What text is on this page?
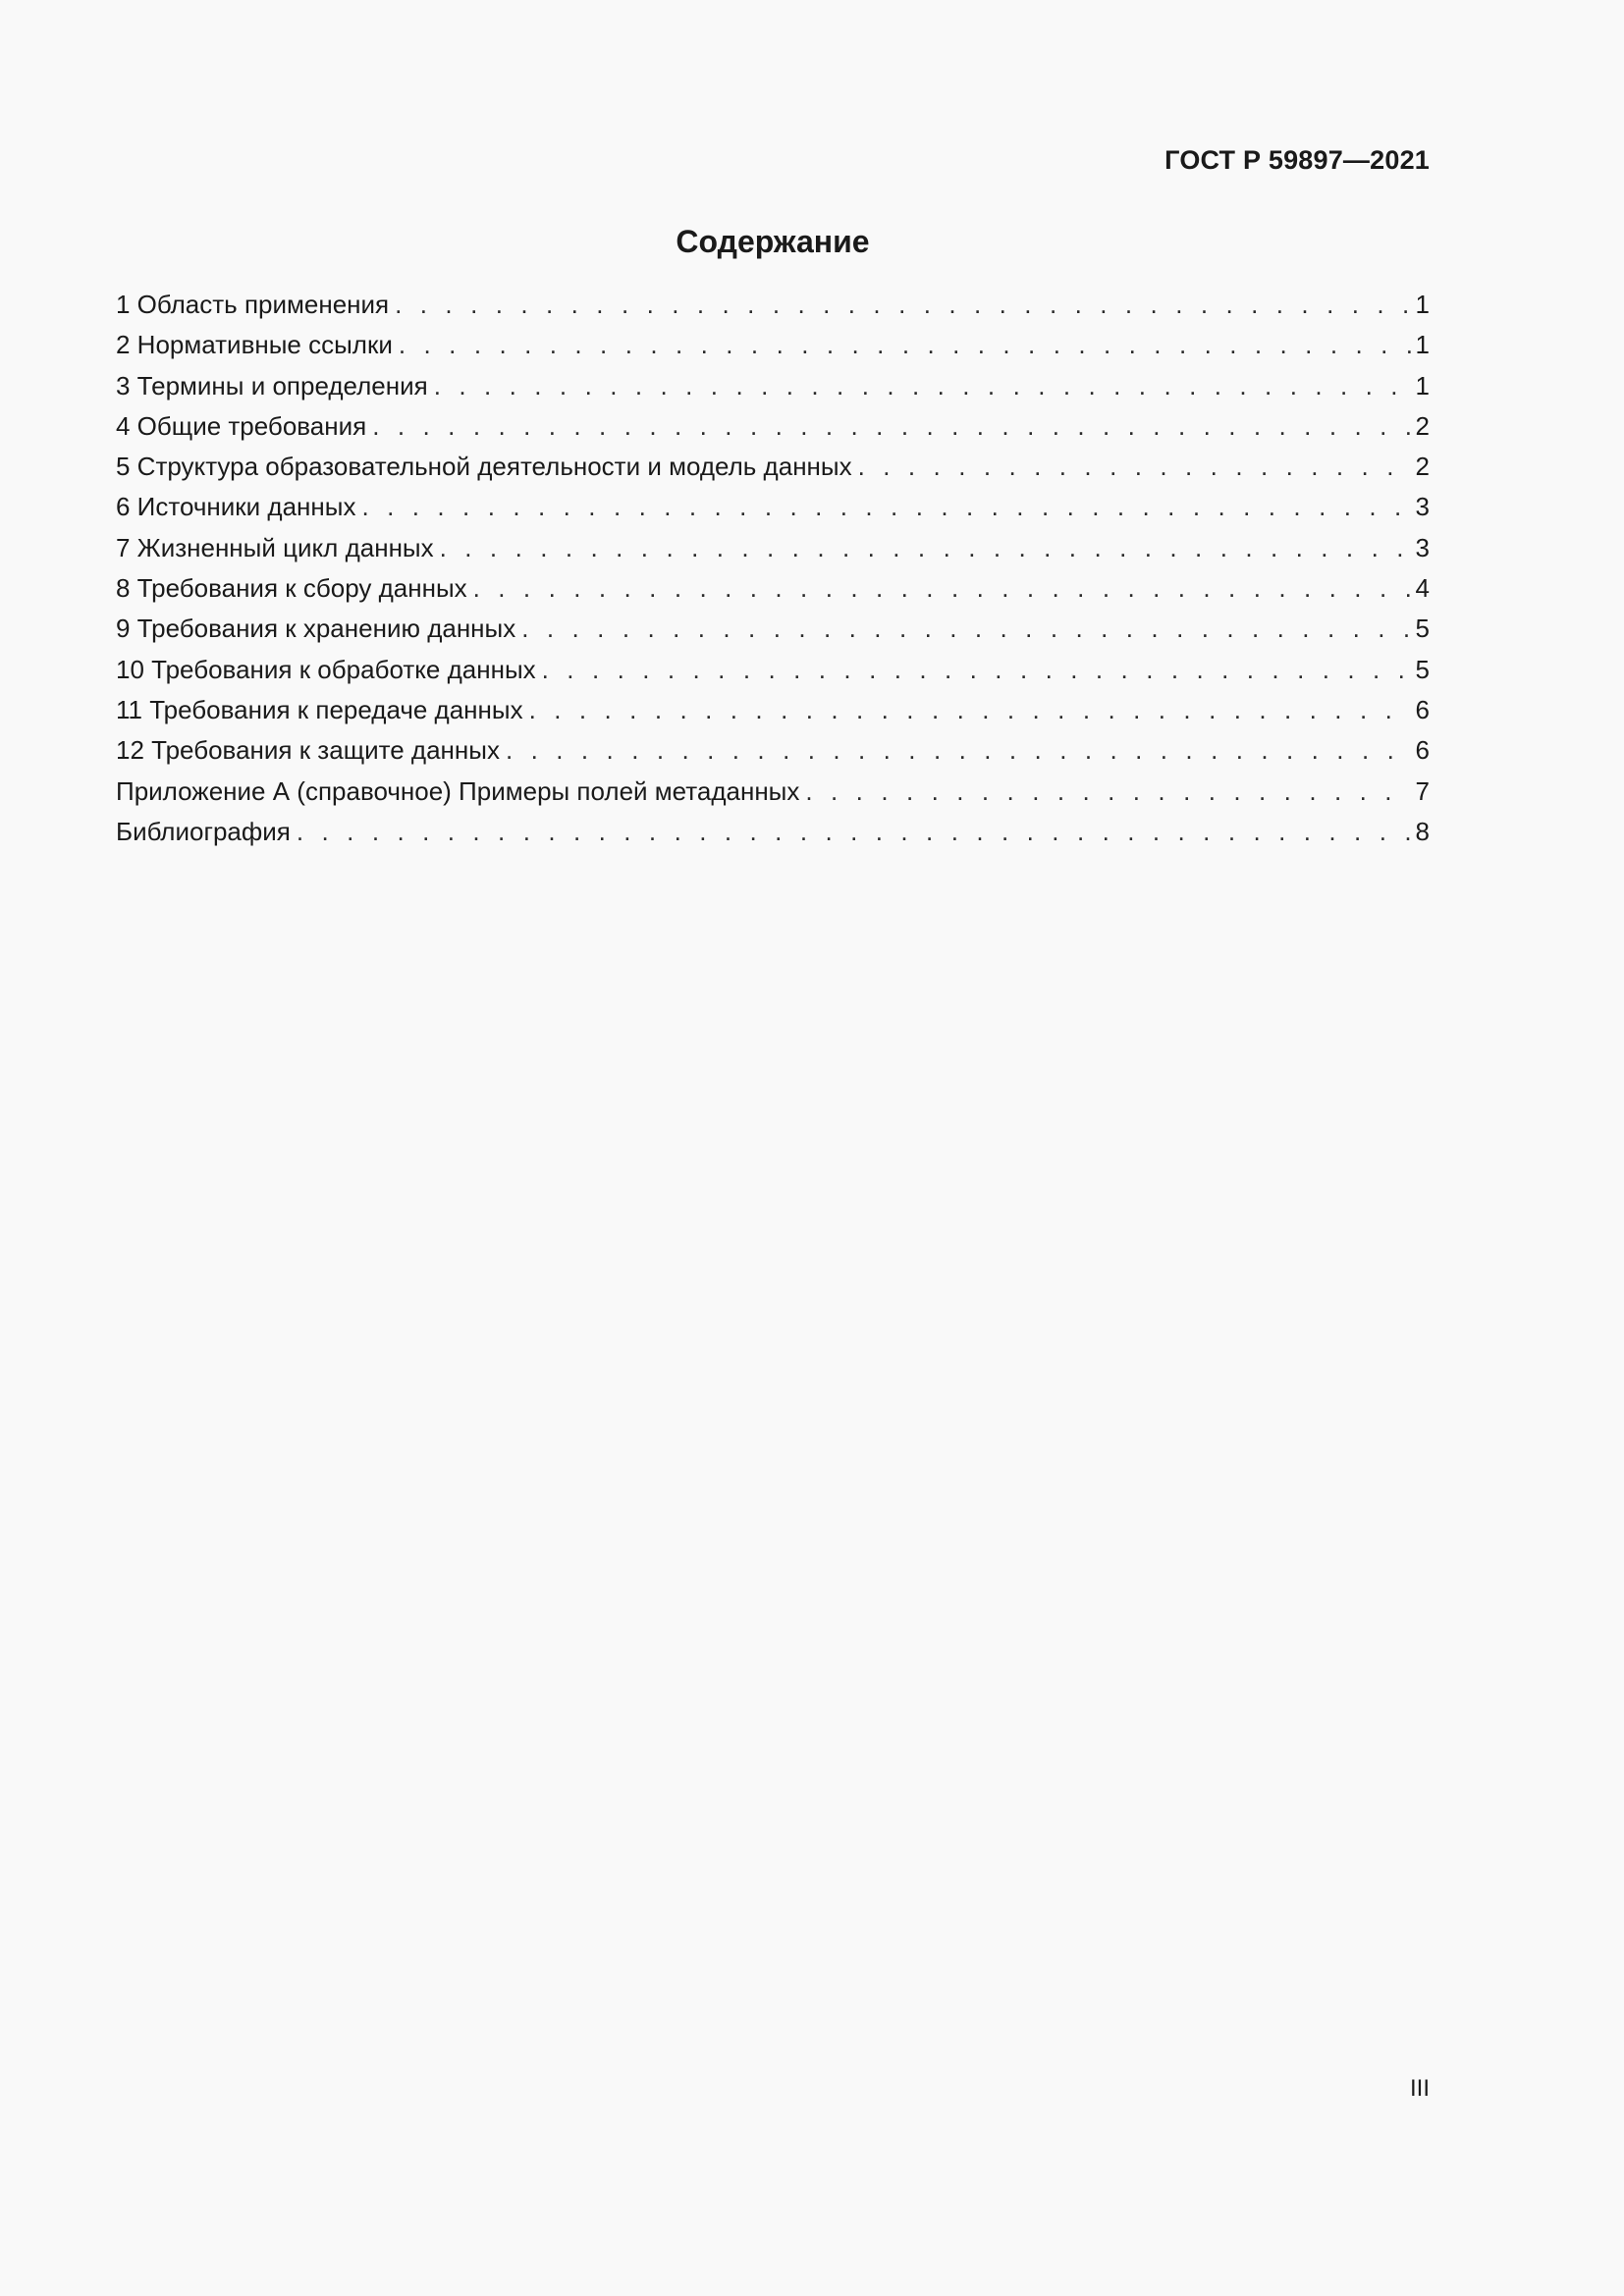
ГОСТ Р 59897—2021
Содержание
1 Область применения . . .	1
2 Нормативные ссылки . . .	1
3 Термины и определения . . .	1
4 Общие требования . . .	2
5 Структура образовательной деятельности и модель данных . . .	2
6 Источники данных . . .	3
7 Жизненный цикл данных . . .	3
8 Требования к сбору данных . . .	4
9 Требования к хранению данных . . .	5
10 Требования к обработке данных . . .	5
11 Требования к передаче данных . . .	6
12 Требования к защите данных . . .	6
Приложение А (справочное) Примеры полей метаданных . . .	7
Библиография . . .	8
III
